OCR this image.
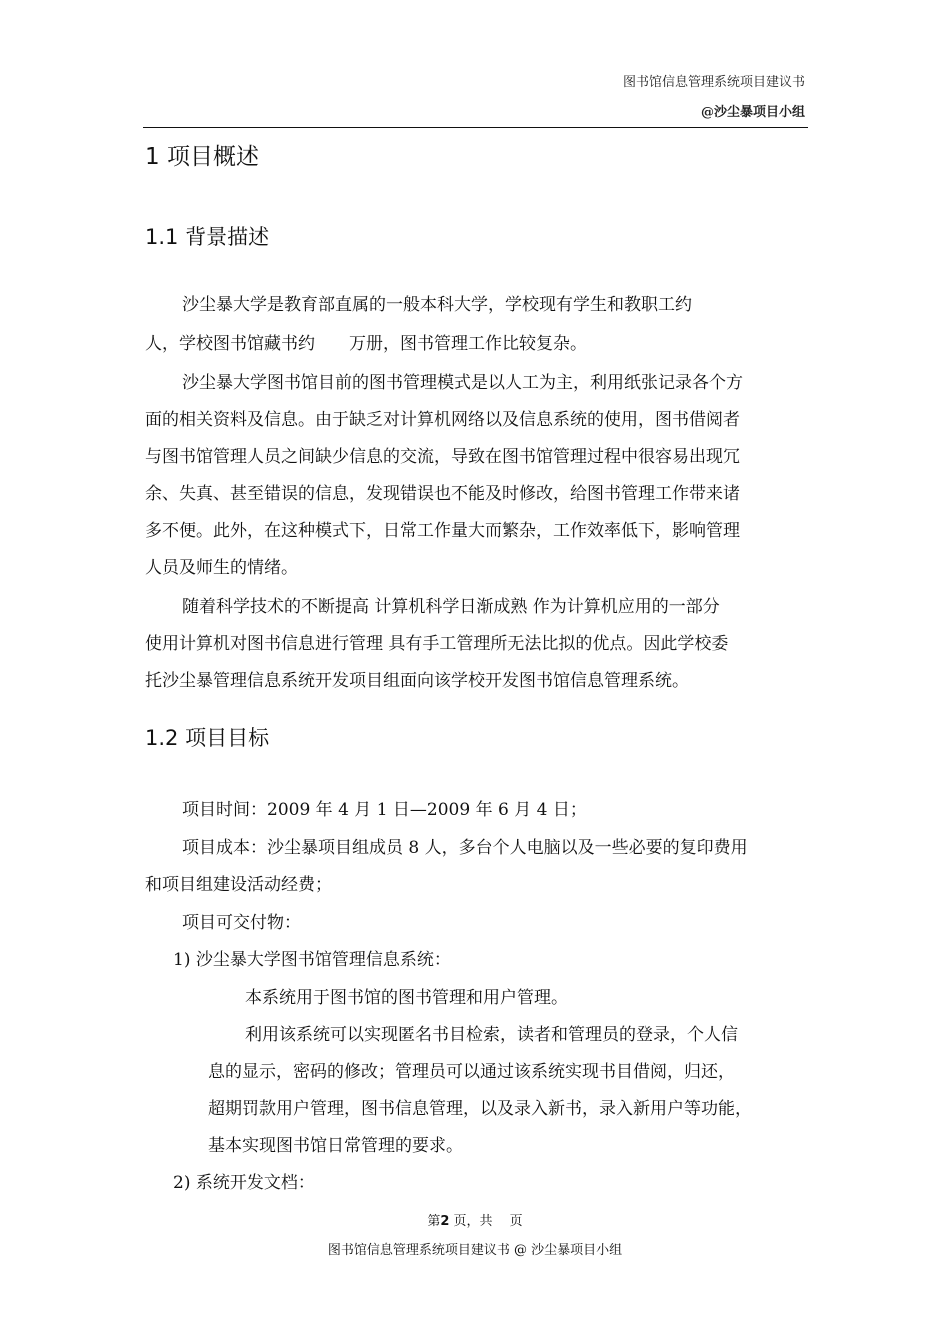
图书馆信息管理系统项目建议书
@沙尘暴项目小组
1 项目概述
1.1 背景描述
沙尘暴大学是教育部直属的一般本科大学，学校现有学生和教职工约
人，学校图书馆藏书约　　万册，图书管理工作比较复杂。
沙尘暴大学图书馆目前的图书管理模式是以人工为主，利用纸张记录各个方
面的相关资料及信息。由于缺乏对计算机网络以及信息系统的使用，图书借阅者
与图书馆管理人员之间缺少信息的交流，导致在图书馆管理过程中很容易出现冗
余、失真、甚至错误的信息，发现错误也不能及时修改，给图书管理工作带来诸
多不便。此外，在这种模式下，日常工作量大而繁杂，工作效率低下，影响管理
人员及师生的情绪。
随着科学技术的不断提高 计算机科学日渐成熟 作为计算机应用的一部分
使用计算机对图书信息进行管理 具有手工管理所无法比拟的优点。因此学校委
托沙尘暴管理信息系统开发项目组面向该学校开发图书馆信息管理系统。
1.2 项目目标
项目时间：2009 年 4 月 1 日—2009 年 6 月 4 日；
项目成本：沙尘暴项目组成员 8 人，多台个人电脑以及一些必要的复印费用
和项目组建设活动经费；
项目可交付物：
1) 沙尘暴大学图书馆管理信息系统：
本系统用于图书馆的图书管理和用户管理。
利用该系统可以实现匿名书目检索，读者和管理员的登录，个人信
息的显示，密码的修改；管理员可以通过该系统实现书目借阅，归还，
超期罚款用户管理，图书信息管理，以及录入新书，录入新用户等功能，
基本实现图书馆日常管理的要求。
2) 系统开发文档：
第2 页，共　 页
图书馆信息管理系统项目建议书 @ 沙尘暴项目小组
